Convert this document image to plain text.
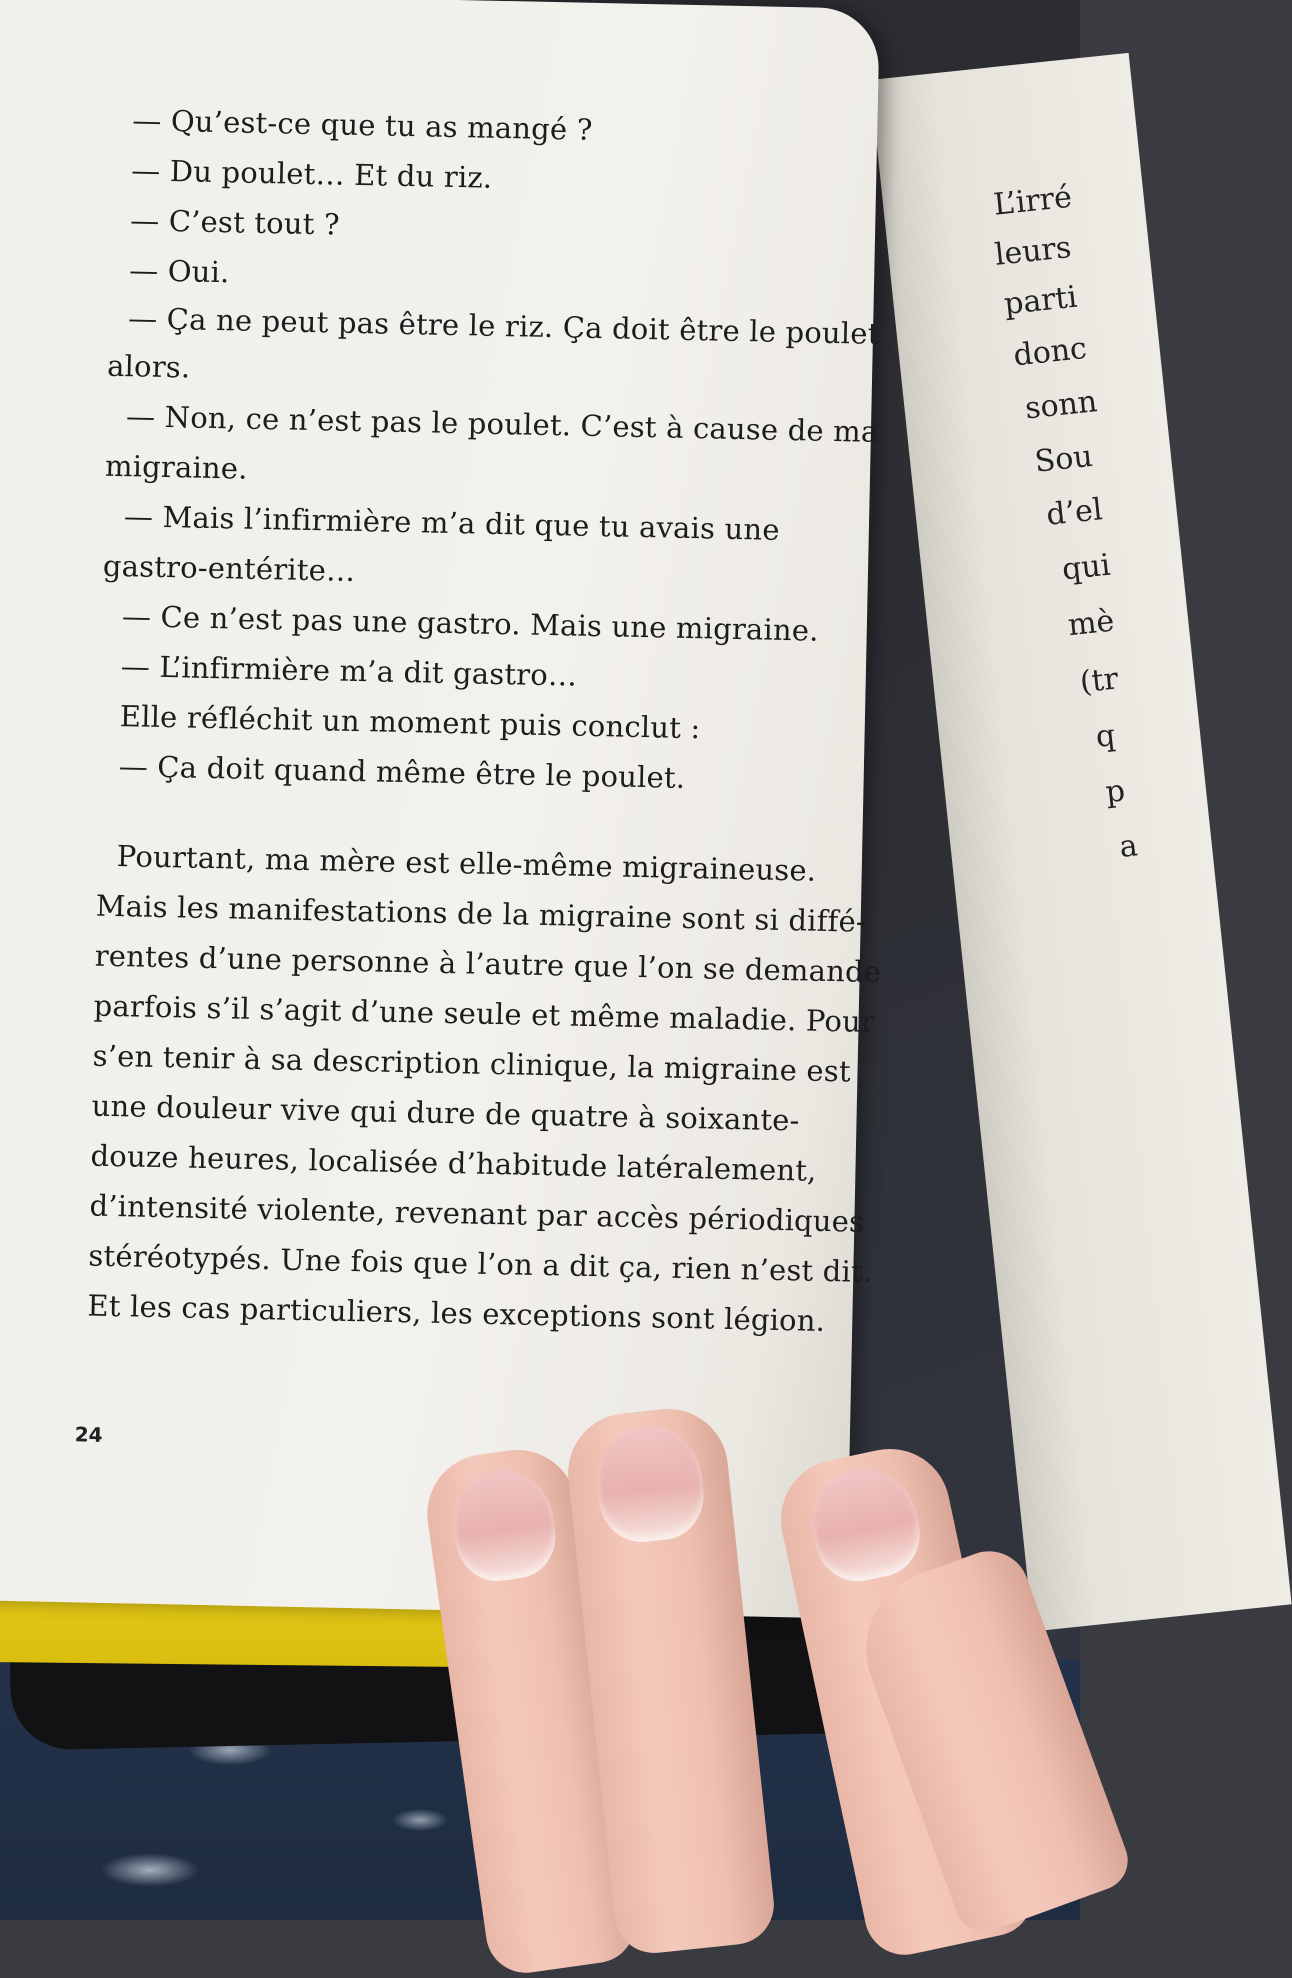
L’irré
leurs
parti
donc
sonn
Sou
d’el
qui
mè
(tr
q
p
a
— Qu’est-ce que tu as mangé ?
— Du poulet… Et du riz.
— C’est tout ?
— Oui.
— Ça ne peut pas être le riz. Ça doit être le poulet
alors.
— Non, ce n’est pas le poulet. C’est à cause de ma
migraine.
— Mais l’infirmière m’a dit que tu avais une
gastro-entérite…
— Ce n’est pas une gastro. Mais une migraine.
— L’infirmière m’a dit gastro…
Elle réfléchit un moment puis conclut :
— Ça doit quand même être le poulet.
Pourtant, ma mère est elle-même migraineuse.
Mais les manifestations de la migraine sont si diffé-
rentes d’une personne à l’autre que l’on se demande
parfois s’il s’agit d’une seule et même maladie. Pour
s’en tenir à sa description clinique, la migraine est
une douleur vive qui dure de quatre à soixante-
douze heures, localisée d’habitude latéralement,
d’intensité violente, revenant par accès périodiques
stéréotypés. Une fois que l’on a dit ça, rien n’est dit.
Et les cas particuliers, les exceptions sont légion.
24
